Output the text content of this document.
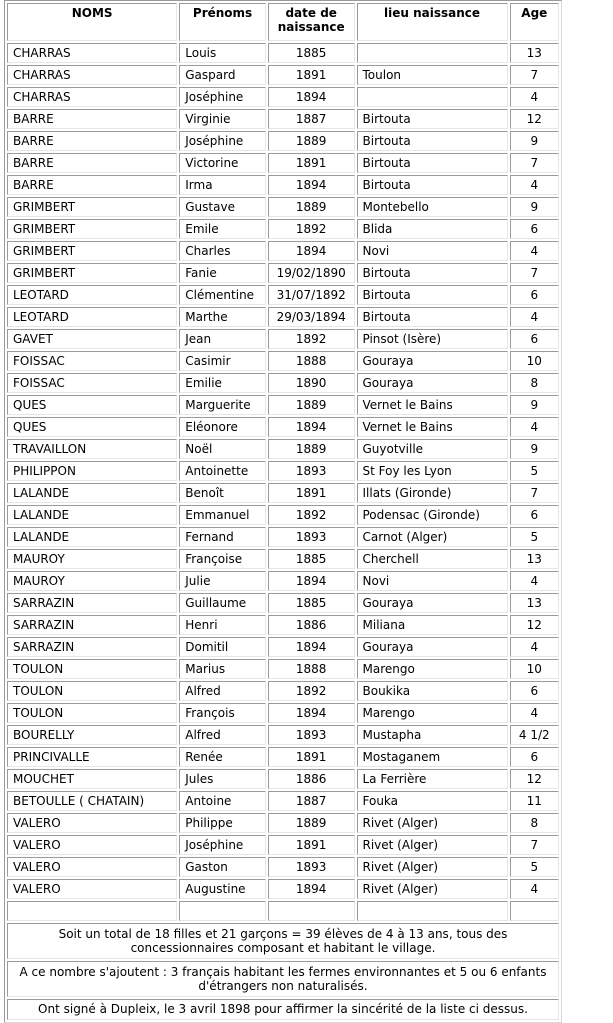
NOMS	Prénoms	date de naissance	lieu naissance	Age
CHARRAS	Louis	1885		13
CHARRAS	Gaspard	1891	Toulon	7
CHARRAS	Joséphine	1894		4
BARRE	Virginie	1887	Birtouta	12
BARRE	Joséphine	1889	Birtouta	9
BARRE	Victorine	1891	Birtouta	7
BARRE	Irma	1894	Birtouta	4
GRIMBERT	Gustave	1889	Montebello	9
GRIMBERT	Emile	1892	Blida	6
GRIMBERT	Charles	1894	Novi	4
GRIMBERT	Fanie	19/02/1890	Birtouta	7
LEOTARD	Clémentine	31/07/1892	Birtouta	6
LEOTARD	Marthe	29/03/1894	Birtouta	4
GAVET	Jean	1892	Pinsot (Isère)	6
FOISSAC	Casimir	1888	Gouraya	10
FOISSAC	Emilie	1890	Gouraya	8
QUES	Marguerite	1889	Vernet le Bains	9
QUES	Eléonore	1894	Vernet le Bains	4
TRAVAILLON	Noël	1889	Guyotville	9
PHILIPPON	Antoinette	1893	St Foy les Lyon	5
LALANDE	Benoît	1891	Illats (Gironde)	7
LALANDE	Emmanuel	1892	Podensac (Gironde)	6
LALANDE	Fernand	1893	Carnot (Alger)	5
MAUROY	Françoise	1885	Cherchell	13
MAUROY	Julie	1894	Novi	4
SARRAZIN	Guillaume	1885	Gouraya	13
SARRAZIN	Henri	1886	Miliana	12
SARRAZIN	Domitil	1894	Gouraya	4
TOULON	Marius	1888	Marengo	10
TOULON	Alfred	1892	Boukika	6
TOULON	François	1894	Marengo	4
BOURELLY	Alfred	1893	Mustapha	4 1/2
PRINCIVALLE	Renée	1891	Mostaganem	6
MOUCHET	Jules	1886	La Ferrière	12
BETOULLE ( CHATAIN)	Antoine	1887	Fouka	11
VALERO	Philippe	1889	Rivet (Alger)	8
VALERO	Joséphine	1891	Rivet (Alger)	7
VALERO	Gaston	1893	Rivet (Alger)	5
VALERO	Augustine	1894	Rivet (Alger)	4

Soit un total de 18 filles et 21 garçons = 39 élèves de 4 à 13 ans, tous des concessionnaires composant et habitant le village.				
A ce nombre s'ajoutent : 3 français habitant les fermes environnantes et 5 ou 6 enfants d'étrangers non naturalisés.				
Ont signé à Dupleix, le 3 avril 1898 pour affirmer la sincérité de la liste ci dessus.				
